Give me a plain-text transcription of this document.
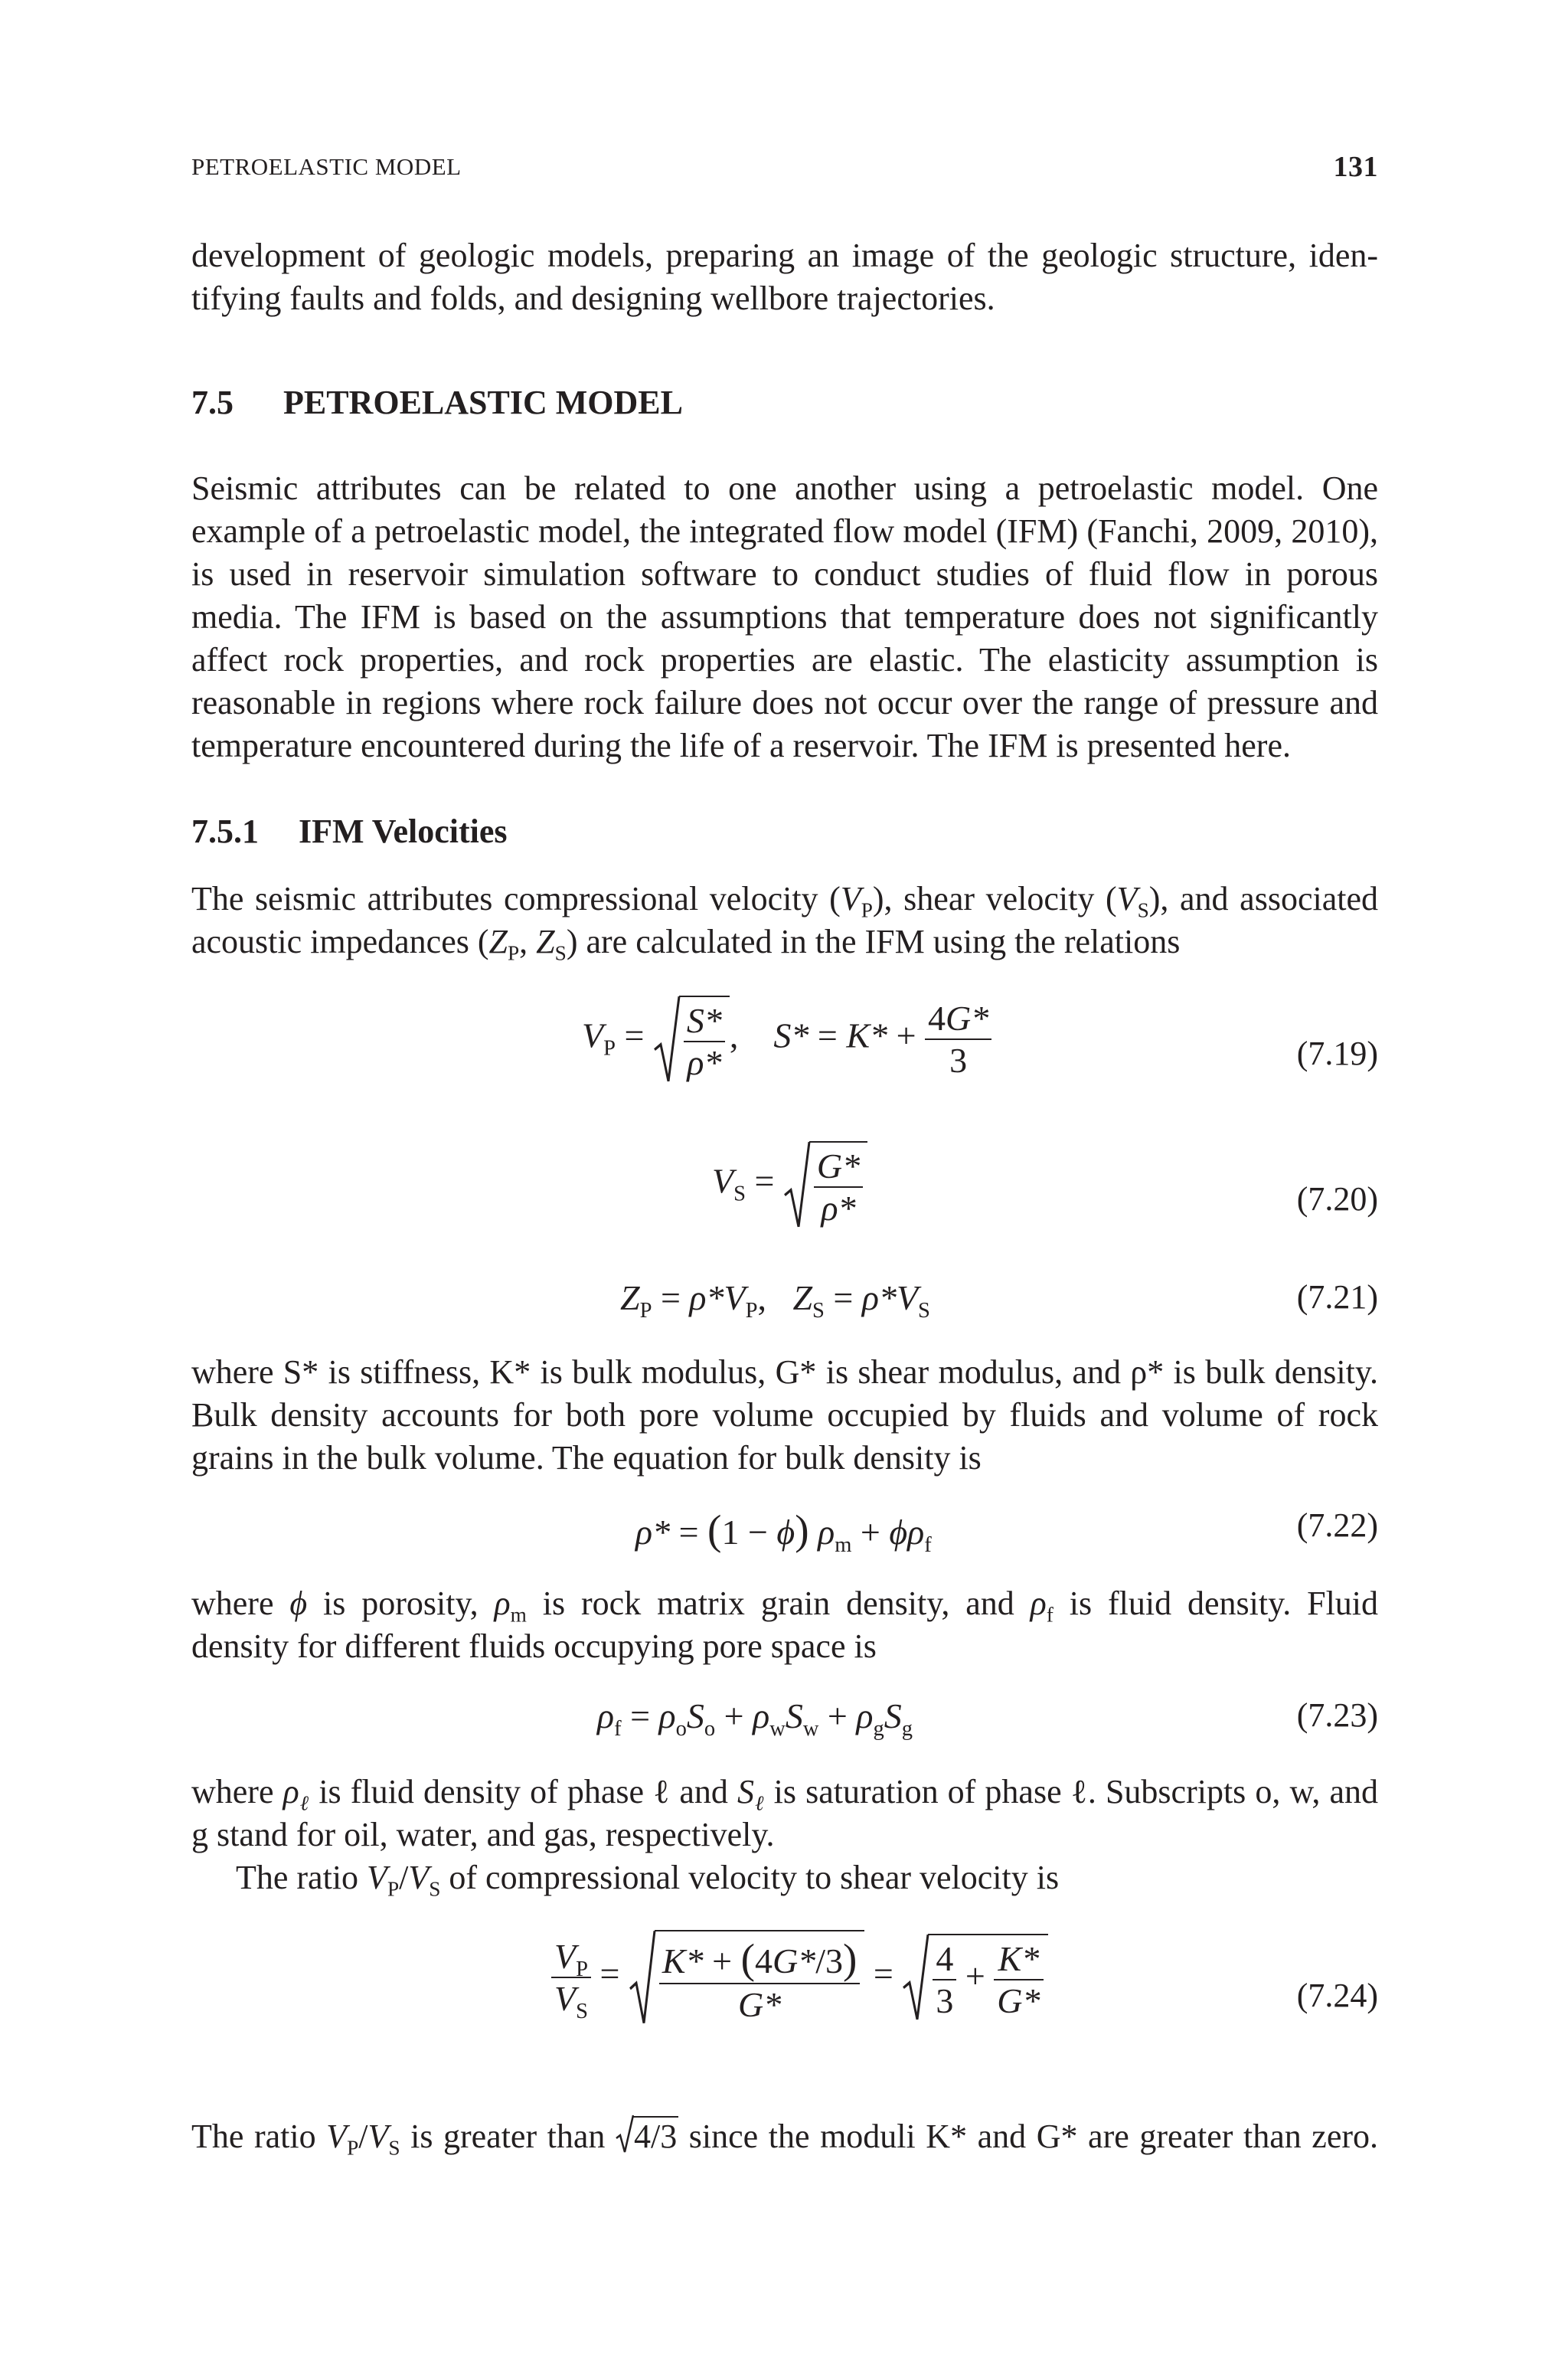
PETROELASTIC MODEL	131
development of geologic models, preparing an image of the geologic structure, iden-
tifying faults and folds, and designing wellbore trajectories.
7.5 PETROELASTIC MODEL
Seismic attributes can be related to one another using a petroelastic model. One example of a petroelastic model, the integrated flow model (IFM) (Fanchi, 2009, 2010), is used in reservoir simulation software to conduct studies of fluid flow in porous media. The IFM is based on the assumptions that temperature does not significantly affect rock properties, and rock properties are elastic. The elasticity assumption is reasonable in regions where rock failure does not occur over the range of pressure and temperature encountered during the life of a reservoir. The IFM is presented here.
7.5.1 IFM Velocities
The seismic attributes compressional velocity $(V_P)$, shear velocity $(V_S)$, and associated
acoustic impedances ($Z_P$, $Z_S$) are calculated in the IFM using the relations
$V_P = \frac{S*}{\rho*}$ ,    $S* = K* + \frac{4G*}{3}$	(7.19)
$V_S = \frac{G*}{\rho*}$	(7.20)
$Z_P = \rho*V_P$,   $Z_S = \rho*V_S$	(7.21)
where S* is stiffness, K* is bulk modulus, G* is shear modulus, and ρ* is bulk density.
Bulk density accounts for both pore volume occupied by fluids and volume of rock grains in the bulk volume. The equation for bulk density is
ρ* = (1 − ϕ) $\rho_m + \phi\rho_f$
(7.22)
where ϕ is porosity, $\rho_m$ is rock matrix grain density, and $\rho_f$ is fluid density. Fluid
density for different fluids occupying pore space is
$\rho_f = \rho_oS_o + \rho_wS_w + \rho_gS_g$	(7.23)
where $\rho_\ell$ is fluid density of phase ℓ and $S_\ell$ is saturation of phase ℓ. Subscripts o, w, and
g stand for oil, water, and gas, respectively.
The ratio $V_P/V_S$ of compressional velocity to shear velocity is
$\frac{V_P}{V_S} = \frac{K* + (4G*/3)}{G*} = \frac{4}{3} + \frac{K*}{G*}$	(7.24)
The ratio $V_P/V_S$ is greater than 4/3 since the moduli K* and G* are greater than zero.
